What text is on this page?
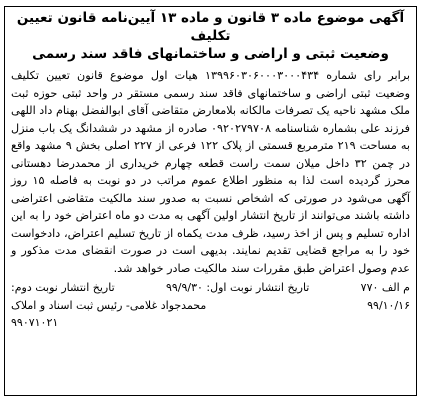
آگهی موضوع ماده ۳ قانون و ماده ۱۳ آیین‌نامه قانون تعیین تکلیف

وضعیت ثبتی و اراضی و ساختمانهای فاقد سند رسمی

برابر رای شماره ۱۳۹۹۶۰۳۰۶۰۰۰۳۰۰۰۴۳۴ هیات اول موضوع قانون تعیین تکلیف وضعیت ثبتی اراضی و ساختمانهای فاقد سند رسمی مستقر در واحد ثبتی حوزه ثبت ملک مشهد ناحیه یک تصرفات مالکانه بلامعارض متقاضی آقای ابوالفضل بهنام داد اللهی فرزند علی بشماره شناسنامه ۰۹۲۰۲۷۹۷۰۸ صادره از مشهد در ششدانگ یک باب منزل به مساحت ۲۱۹ مترمربع قسمتی از پلاک ۱۲۲ فرعی از ۲۲۷ اصلی بخش ۹ مشهد واقع در چمن ۳۲ داخل میلان سمت راست قطعه چهارم خریداری از محمدرضا دهستانی محرز گردیده است لذا به منظور اطلاع عموم مراتب در دو نوبت به فاصله ۱۵ روز آگهی می‌شود در صورتی که اشخاص نسبت به صدور سند مالکیت متقاضی اعتراضی داشته باشند می‌توانند از تاریخ انتشار اولین آگهی به مدت دو ماه اعتراض خود را به این اداره تسلیم و پس از اخذ رسید، ظرف مدت یکماه از تاریخ تسلیم اعتراض، دادخواست خود را به مراجع قضایی تقدیم نمایند. بدیهی است در صورت انقضای مدت مذکور و عدم وصول اعتراض طبق مقررات سند مالکیت صادر خواهد شد.

م الف ۷۷۰
تاریخ انتشار نوبت اول: ۹۹/۹/۳۰
تاریخ انتشار نوبت دوم:
۹۹/۱۰/۱۶
محمدجواد غلامی- رئیس ثبت اسناد و املاک
۹۹۰۷۱۰۲۱
